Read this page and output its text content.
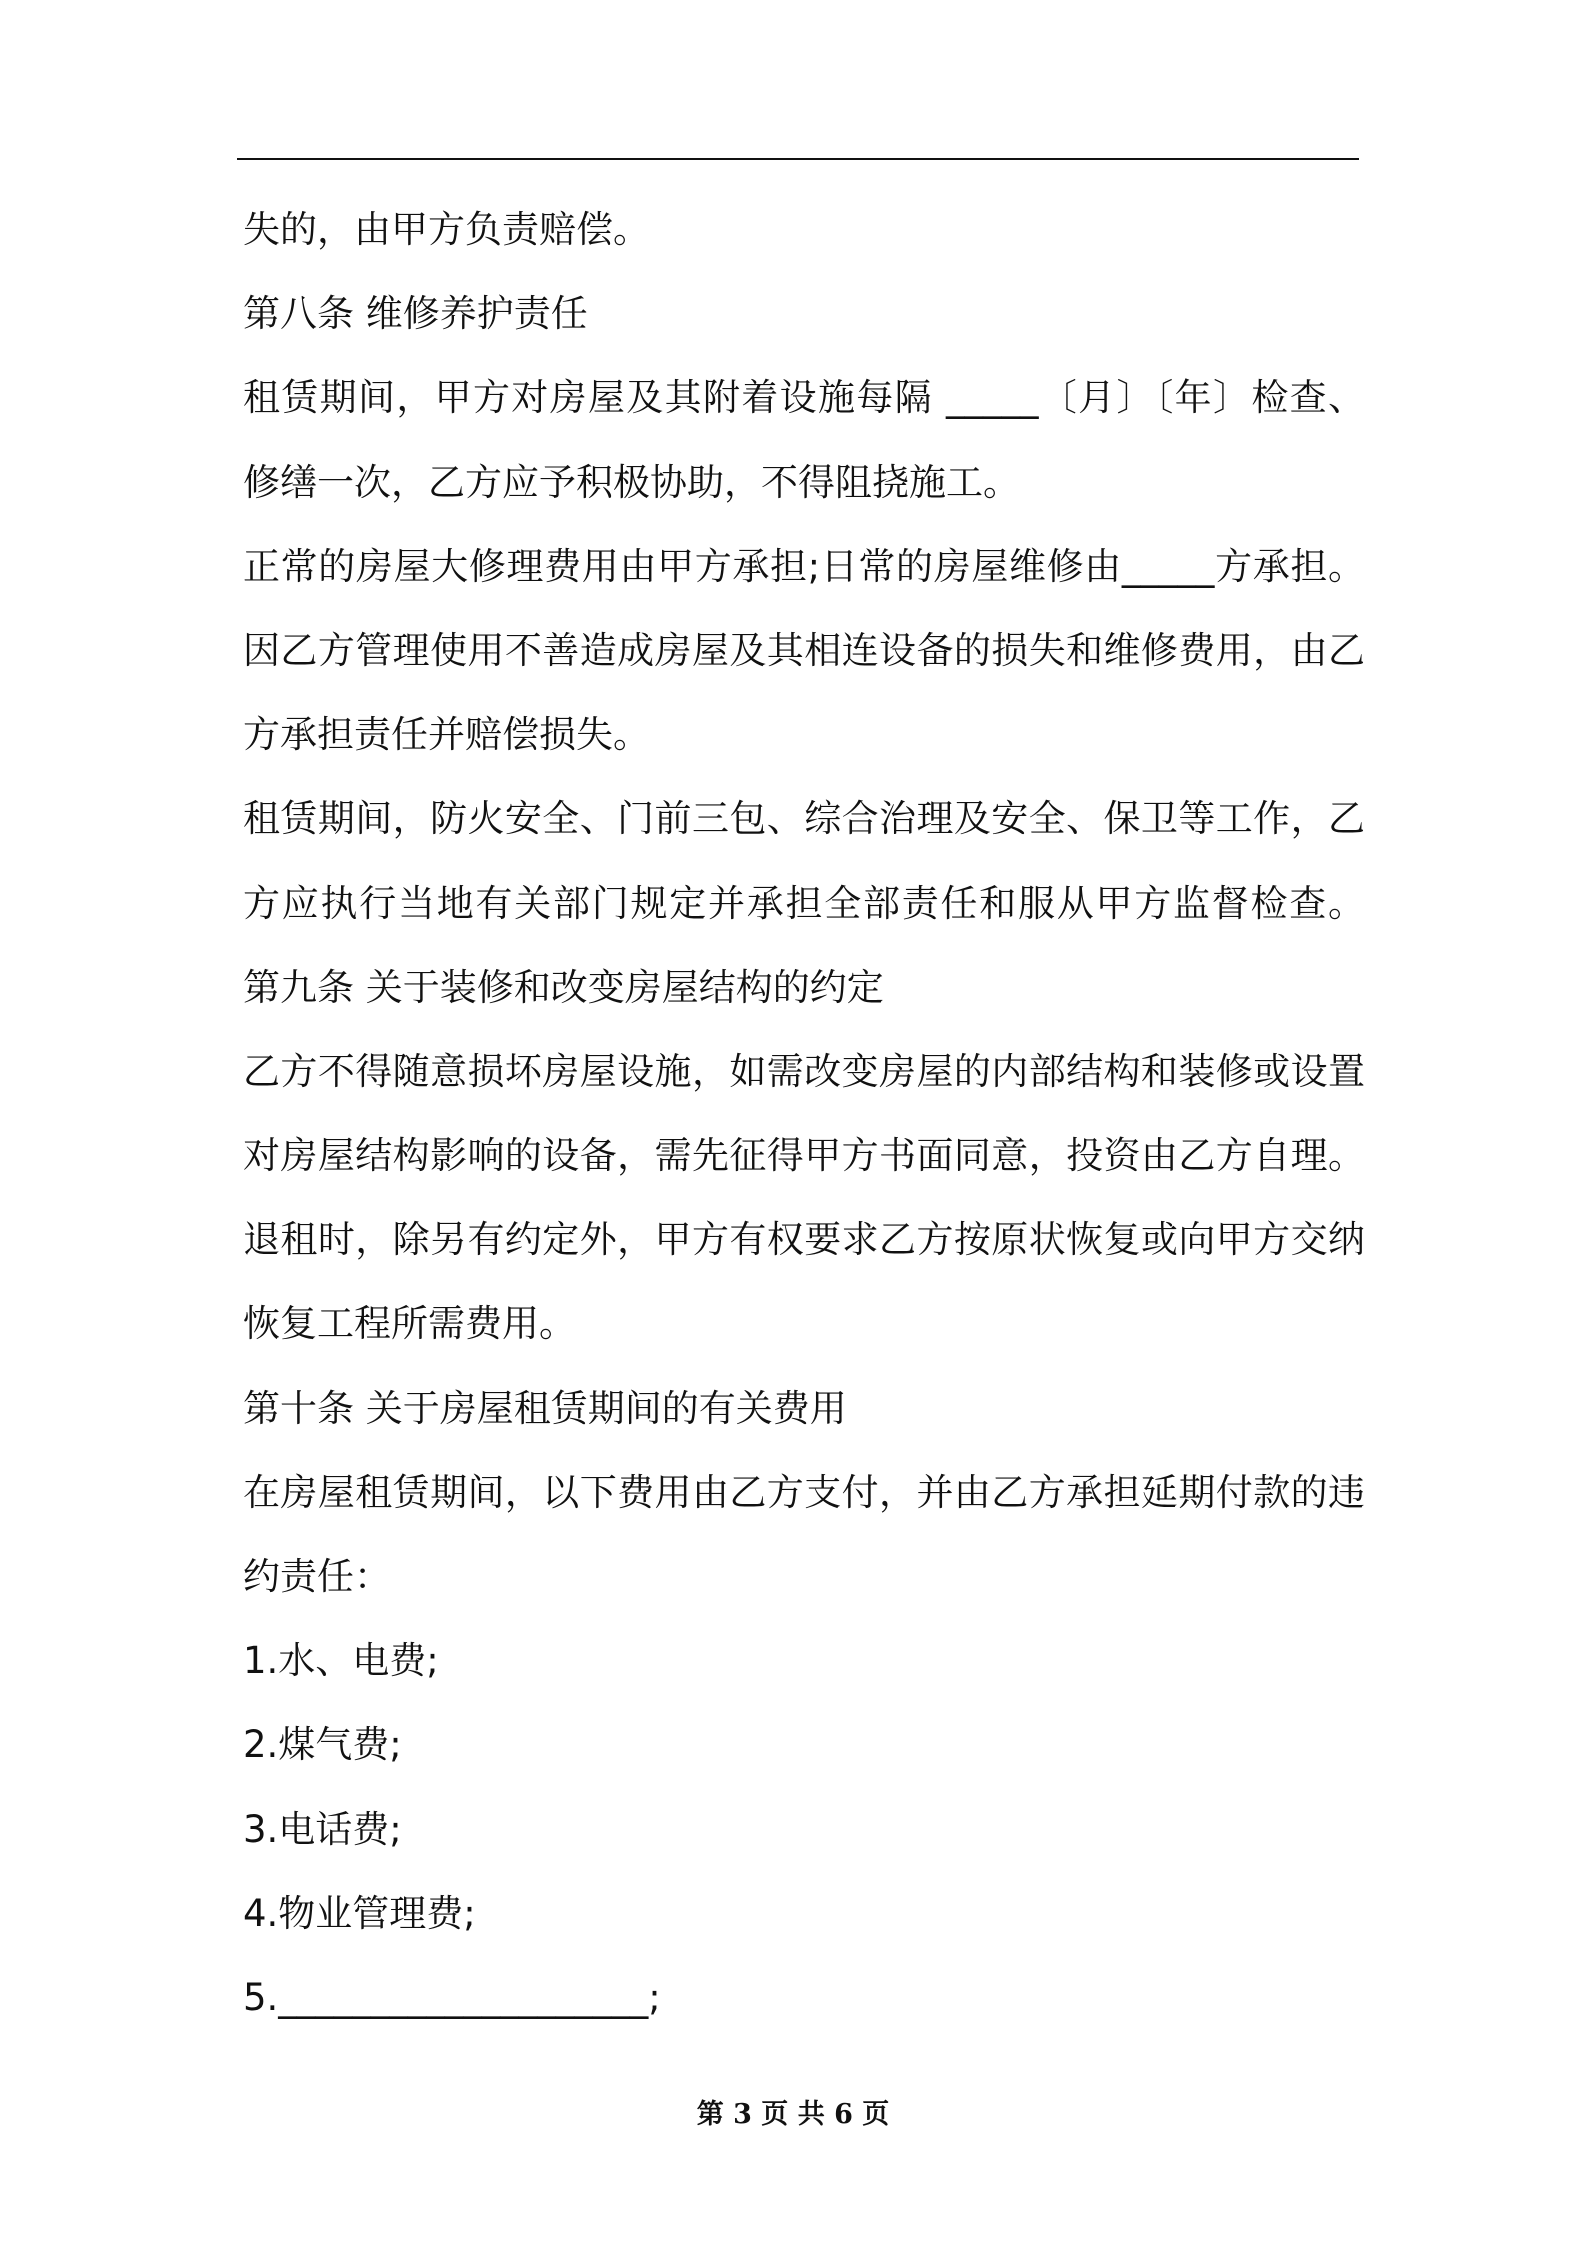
失的，由甲方负责赔偿。
第八条 维修养护责任
租赁期间，甲方对房屋及其附着设施每隔 _____〔月〕〔年〕检查、
修缮一次，乙方应予积极协助，不得阻挠施工。
正常的房屋大修理费用由甲方承担;日常的房屋维修由_____方承担。
因乙方管理使用不善造成房屋及其相连设备的损失和维修费用，由乙
方承担责任并赔偿损失。
租赁期间，防火安全、门前三包、综合治理及安全、保卫等工作，乙
方应执行当地有关部门规定并承担全部责任和服从甲方监督检查。
第九条 关于装修和改变房屋结构的约定
乙方不得随意损坏房屋设施，如需改变房屋的内部结构和装修或设置
对房屋结构影响的设备，需先征得甲方书面同意，投资由乙方自理。
退租时，除另有约定外，甲方有权要求乙方按原状恢复或向甲方交纳
恢复工程所需费用。
第十条 关于房屋租赁期间的有关费用
在房屋租赁期间，以下费用由乙方支付，并由乙方承担延期付款的违
约责任：
1.水、电费;
2.煤气费;
3.电话费;
4.物业管理费;
5.____________________;
第 3 页 共 6 页
